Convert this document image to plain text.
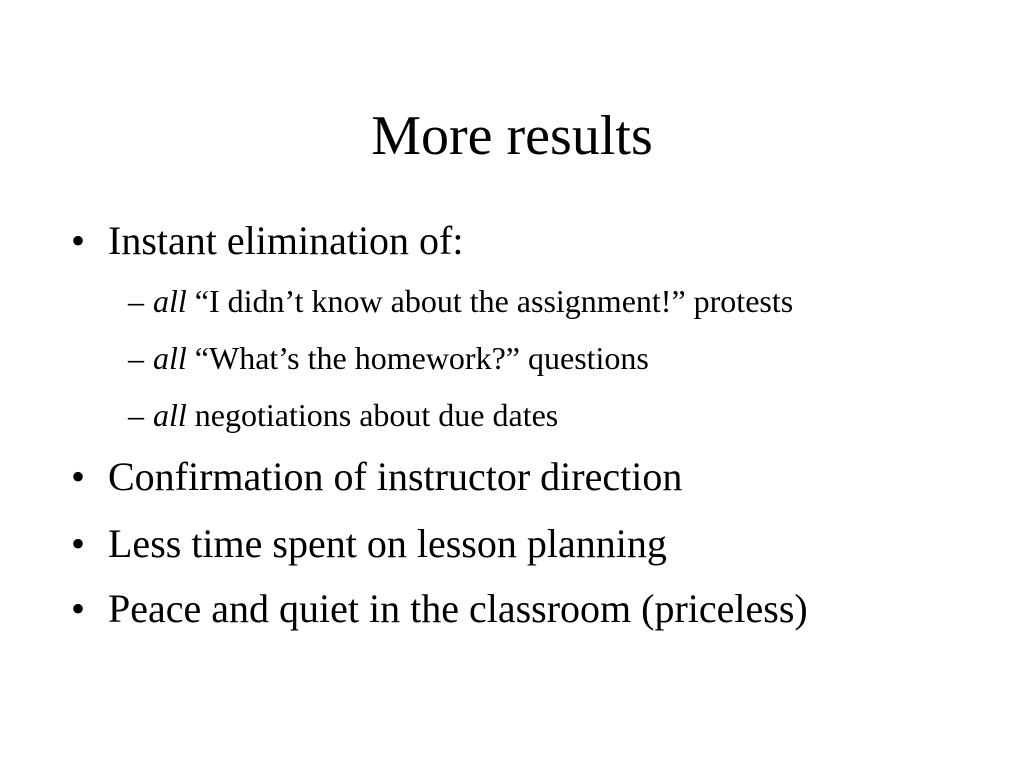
More results
• Instant elimination of:
– all “I didn’t know about the assignment!” protests
– all “What’s the homework?” questions
– all negotiations about due dates
• Confirmation of instructor direction
• Less time spent on lesson planning
• Peace and quiet in the classroom (priceless)
